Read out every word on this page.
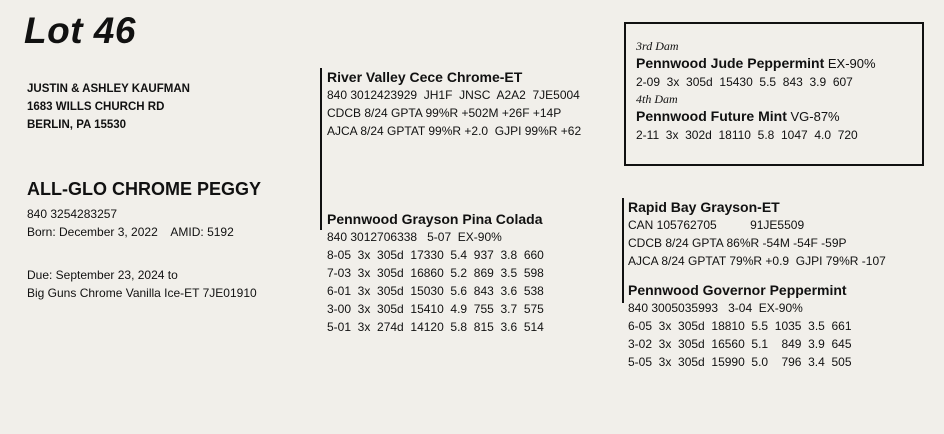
Lot 46
JUSTIN & ASHLEY KAUFMAN
1683 WILLS CHURCH RD
BERLIN, PA 15530
ALL-GLO CHROME PEGGY
840 3254283257
Born: December 3, 2022    AMID: 5192
Due: September 23, 2024 to
Big Guns Chrome Vanilla Ice-ET 7JE01910
River Valley Cece Chrome-ET
840 3012423929  JH1F  JNSC  A2A2  7JE5004
CDCB 8/24 GPTA 99%R +502M +26F +14P
AJCA 8/24 GPTAT 99%R +2.0  GJPI 99%R +62
Pennwood Grayson Pina Colada
840 3012706338   5-07  EX-90%
8-05  3x  305d  17330  5.4  937  3.8  660
7-03  3x  305d  16860  5.2  869  3.5  598
6-01  3x  305d  15030  5.6  843  3.6  538
3-00  3x  305d  15410  4.9  755  3.7  575
5-01  3x  274d  14120  5.8  815  3.6  514
3rd Dam
Pennwood Jude Peppermint EX-90%
2-09  3x  305d  15430  5.5  843  3.9  607
4th Dam
Pennwood Future Mint VG-87%
2-11  3x  302d  18110  5.8  1047  4.0  720
Rapid Bay Grayson-ET
CAN 105762705          91JE5509
CDCB 8/24 GPTA 86%R -54M -54F -59P
AJCA 8/24 GPTAT 79%R +0.9  GJPI 79%R -107
Pennwood Governor Peppermint
840 3005035993   3-04  EX-90%
6-05  3x  305d  18810  5.5  1035  3.5  661
3-02  3x  305d  16560  5.1    849  3.9  645
5-05  3x  305d  15990  5.0    796  3.4  505
